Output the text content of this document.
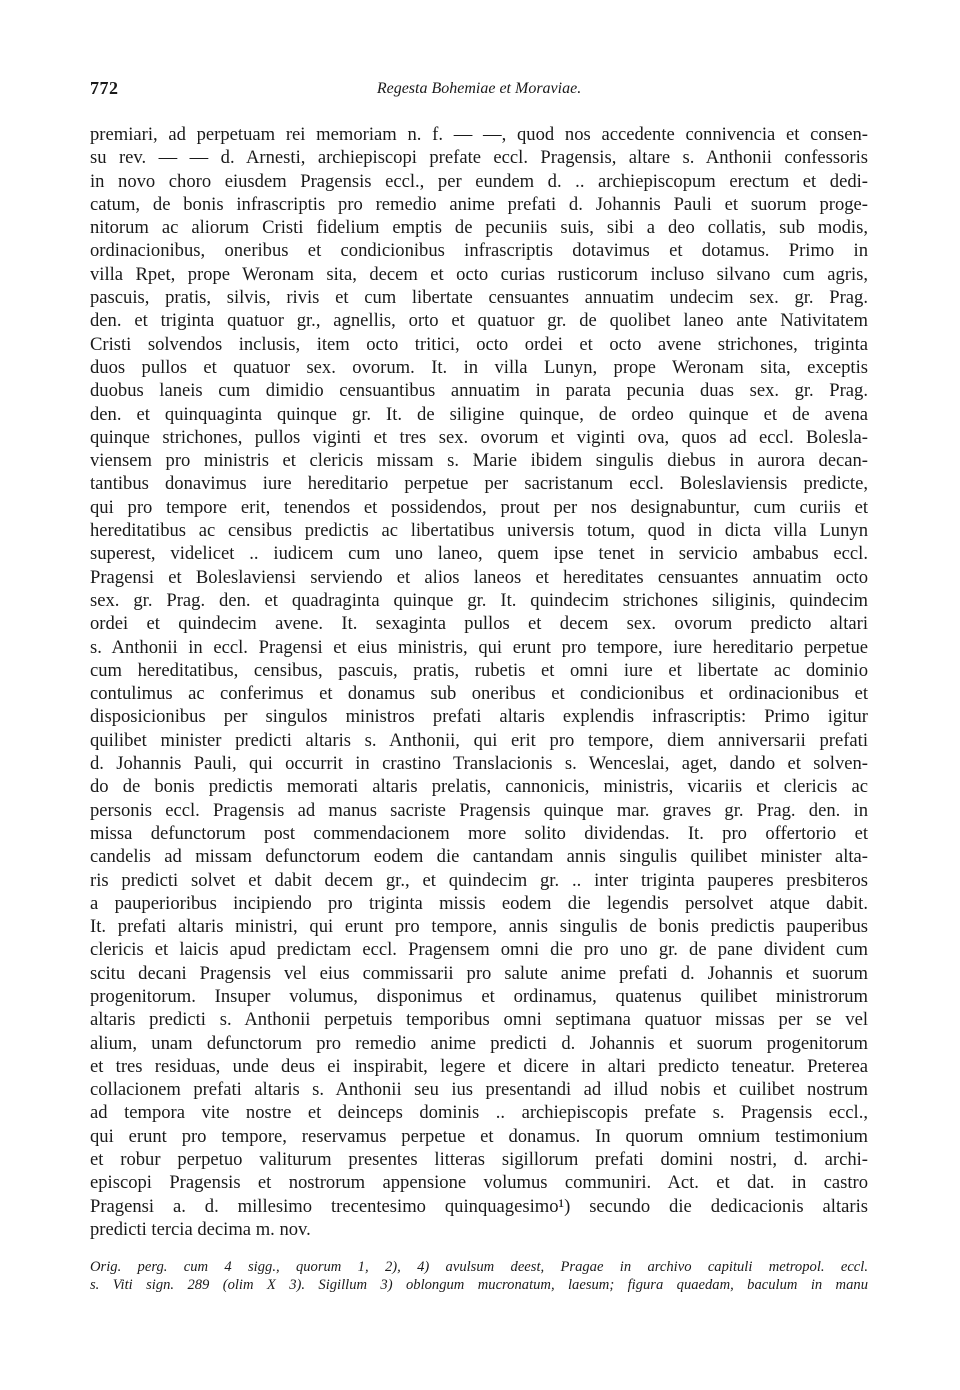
772	Regesta Bohemiae et Moraviae.
premiari, ad perpetuam rei memoriam n. f. — —, quod nos accedente connivencia et consen-
su rev. — — d. Arnesti, archiepiscopi prefate eccl. Pragensis, altare s. Anthonii confessoris
in novo choro eiusdem Pragensis eccl., per eundem d. .. archiepiscopum erectum et dedi-
catum, de bonis infrascriptis pro remedio anime prefati d. Johannis Pauli et suorum proge-
nitorum ac aliorum Cristi fidelium emptis de pecuniis suis, sibi a deo collatis, sub modis,
ordinacionibus, oneribus et condicionibus infrascriptis dotavimus et dotamus. Primo in
villa Rpet, prope Weronam sita, decem et octo curias rusticorum incluso silvano cum agris,
pascuis, pratis, silvis, rivis et cum libertate censuantes annuatim undecim sex. gr. Prag.
den. et triginta quatuor gr., agnellis, orto et quatuor gr. de quolibet laneo ante Nativitatem
Cristi solvendos inclusis, item octo tritici, octo ordei et octo avene strichones, triginta
duos pullos et quatuor sex. ovorum. It. in villa Lunyn, prope Weronam sita, exceptis
duobus laneis cum dimidio censuantibus annuatim in parata pecunia duas sex. gr. Prag.
den. et quinquaginta quinque gr. It. de siligine quinque, de ordeo quinque et de avena
quinque strichones, pullos viginti et tres sex. ovorum et viginti ova, quos ad eccl. Boleslа-
viensem pro ministris et clericis missam s. Marie ibidem singulis diebus in aurora decan-
tantibus donavimus iure hereditario perpetue per sacristanum eccl. Boleslaviensis predicte,
qui pro tempore erit, tenendos et possidendos, prout per nos designabuntur, cum curiis et
hereditatibus ac censibus predictis ac libertatibus universis totum, quod in dicta villa Lunyn
superest, videlicet .. iudicem cum uno laneo, quem ipse tenet in servicio ambabus eccl.
Pragensi et Boleslaviensi serviendo et alios laneos et hereditates censuantes annuatim octo
sex. gr. Prag. den. et quadraginta quinque gr. It. quindecim strichones siliginis, quindecim
ordei et quindecim avene. It. sexaginta pullos et decem sex. ovorum predicto altari
s. Anthonii in eccl. Pragensi et eius ministris, qui erunt pro tempore, iure hereditario perpetue
cum hereditatibus, censibus, pascuis, pratis, rubetis et omni iure et libertate ac dominio
contulimus ac conferimus et donamus sub oneribus et condicionibus et ordinacionibus et
disposicionibus per singulos ministros prefati altaris explendis infrascriptis: Primo igitur
quilibet minister predicti altaris s. Anthonii, qui erit pro tempore, diem anniversarii prefati
d. Johannis Pauli, qui occurrit in crastino Translacionis s. Wenceslai, aget, dando et solven-
do de bonis predictis memorati altaris prelatis, cannonicis, ministris, vicariis et clericis ac
personis eccl. Pragensis ad manus sacriste Pragensis quinque mar. graves gr. Prag. den. in
missa defunctorum post commendacionem more solito dividendas. It. pro offertorio et
candelis ad missam defunctorum eodem die cantandam annis singulis quilibet minister alta-
ris predicti solvet et dabit decem gr., et quindecim gr. .. inter triginta pauperes presbiteros
a pauperioribus incipiendo pro triginta missis eodem die legendis persolvet atque dabit.
It. prefati altaris ministri, qui erunt pro tempore, annis singulis de bonis predictis pauperibus
clericis et laicis apud predictam eccl. Pragensem omni die pro uno gr. de pane divident cum
scitu decani Pragensis vel eius commissarii pro salute anime prefati d. Johannis et suorum
progenitorum. Insuper volumus, disponimus et ordinamus, quatenus quilibet ministrorum
altaris predicti s. Anthonii perpetuis temporibus omni septimana quatuor missas per se vel
alium, unam defunctorum pro remedio anime predicti d. Johannis et suorum progenitorum
et tres residuas, unde deus ei inspirabit, legere et dicere in altari predicto teneatur. Preterea
collacionem prefati altaris s. Anthonii seu ius presentandi ad illud nobis et cuilibet nostrum
ad tempora vite nostre et deinceps dominis .. archiepiscopis prefate s. Pragensis eccl.,
qui erunt pro tempore, reservamus perpetue et donamus. In quorum omnium testimonium
et robur perpetuo valiturum presentes litteras sigillorum prefati domini nostri, d. archi-
episcopi Pragensis et nostrorum appensione volumus communiri. Act. et dat. in castro
Pragensi a. d. millesimo trecentesimo quinquagesimo¹) secundo die dedicacionis altaris
predicti tercia decima m. nov.
Orig. perg. cum 4 sigg., quorum 1, 2), 4) avulsum deest, Pragae in archivo capituli metropol. eccl.
s. Viti sign. 289 (olim X 3). Sigillum 3) oblongum mucronatum, laesum; figura quaedam, baculum in manu
